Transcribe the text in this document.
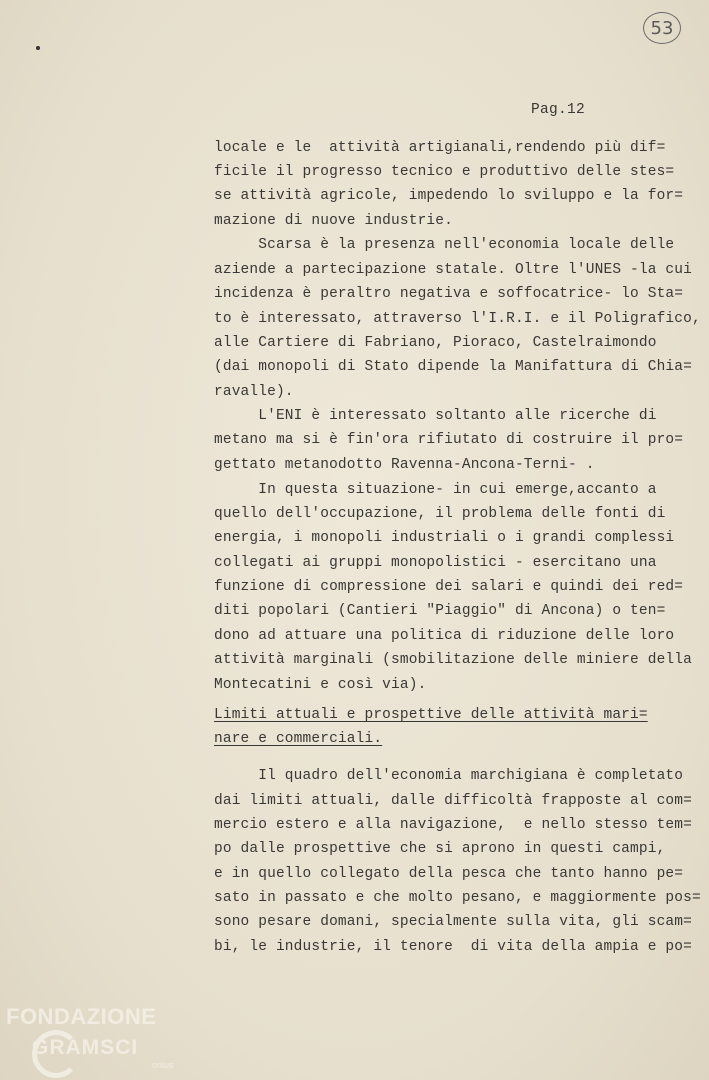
53
Pag.12
locale e le  attività artigianali,rendendo più dif=
ficile il progresso tecnico e produttivo delle stes=
se attività agricole, impedendo lo sviluppo e la for=
mazione di nuove industrie.
Scarsa è la presenza nell'economia locale delle
aziende a partecipazione statale. Oltre l'UNES -la cui
incidenza è peraltro negativa e soffocatrice- lo Sta=
to è interessato, attraverso l'I.R.I. e il Poligrafico,
alle Cartiere di Fabriano, Pioraco, Castelraimondo
(dai monopoli di Stato dipende la Manifattura di Chia=
ravalle).
L'ENI è interessato soltanto alle ricerche di
metano ma si è fin'ora rifiutato di costruire il pro=
gettato metanodotto Ravenna-Ancona-Terni- .
In questa situazione- in cui emerge,accanto a
quello dell'occupazione, il problema delle fonti di
energia, i monopoli industriali o i grandi complessi
collegati ai gruppi monopolistici - esercitano una
funzione di compressione dei salari e quindi dei red=
diti popolari (Cantieri "Piaggio" di Ancona) o ten=
dono ad attuare una politica di riduzione delle loro
attività marginali (smobilitazione delle miniere della
Montecatini e così via).
Limiti attuali e prospettive delle attività mari=
nare e commerciali.
Il quadro dell'economia marchigiana è completato
dai limiti attuali, dalle difficoltà frapposte al com=
mercio estero e alla navigazione,  e nello stesso tem=
po dalle prospettive che si aprono in questi campi,
e in quello collegato della pesca che tanto hanno pe=
sato in passato e che molto pesano, e maggiormente pos=
sono pesare domani, specialmente sulla vita, gli scam=
bi, le industrie, il tenore  di vita della ampia e po=
FONDAZIONE
GRAMSCI
onlus
